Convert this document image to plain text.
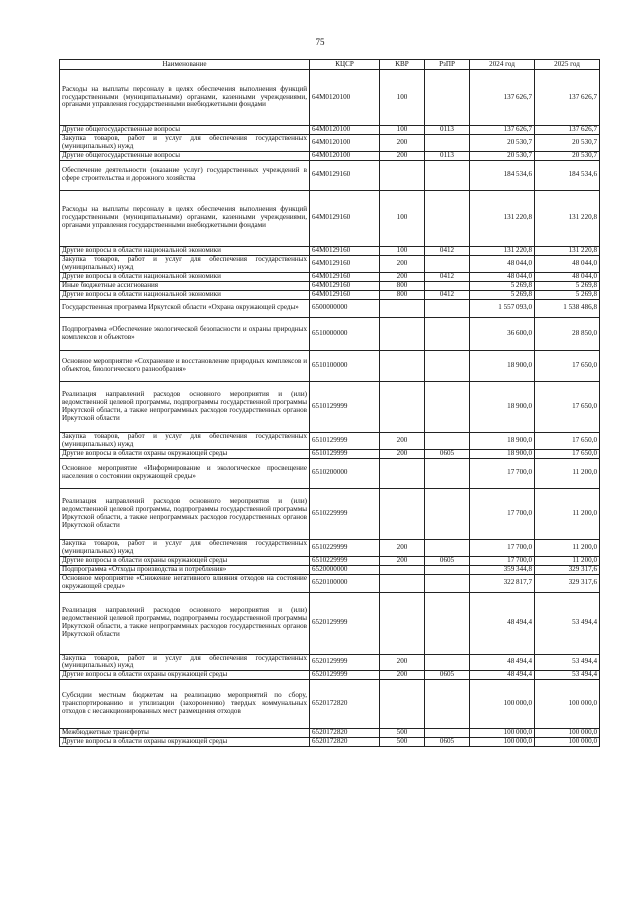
75
Наименование	КЦСР	КВР	РзПР	2024 год	2025 год
Расходы на выплаты персоналу в целях обеспечения выполнения функций государственными (муниципальными) органами, казенными учреждениями, органами управления государственными внебюджетными фондами	64М0120100	100		137 626,7	137 626,7
Другие общегосударственные вопросы	64М0120100	100	0113	137 626,7	137 626,7
Закупка товаров, работ и услуг для обеспечения государственных (муниципальных) нужд	64М0120100	200		20 530,7	20 530,7
Другие общегосударственные вопросы	64М0120100	200	0113	20 530,7	20 530,7
Обеспечение деятельности (оказание услуг) государственных учреждений в сфере строительства и дорожного хозяйства	64М0129160			184 534,6	184 534,6
Расходы на выплаты персоналу в целях обеспечения выполнения функций государственными (муниципальными) органами, казенными учреждениями, органами управления государственными внебюджетными фондами	64М0129160	100		131 220,8	131 220,8
Другие вопросы в области национальной экономики	64М0129160	100	0412	131 220,8	131 220,8
Закупка товаров, работ и услуг для обеспечения государственных (муниципальных) нужд	64М0129160	200		48 044,0	48 044,0
Другие вопросы в области национальной экономики	64М0129160	200	0412	48 044,0	48 044,0
Иные бюджетные ассигнования	64М0129160	800		5 269,8	5 269,8
Другие вопросы в области национальной экономики	64М0129160	800	0412	5 269,8	5 269,8
Государственная программа Иркутской области «Охрана окружающей среды»	6500000000			1 557 093,0	1 538 486,8
Подпрограмма «Обеспечение экологической безопасности и охраны природных комплексов и объектов»	6510000000			36 600,0	28 850,0
Основное мероприятие «Сохранение и восстановление природных комплексов и объектов, биологического разнообразия»	6510100000			18 900,0	17 650,0
Реализация направлений расходов основного мероприятия и (или) ведомственной целевой программы, подпрограммы государственной программы Иркутской области, а также непрограммных расходов государственных органов Иркутской области	6510129999			18 900,0	17 650,0
Закупка товаров, работ и услуг для обеспечения государственных (муниципальных) нужд	6510129999	200		18 900,0	17 650,0
Другие вопросы в области охраны окружающей среды	6510129999	200	0605	18 900,0	17 650,0
Основное мероприятие «Информирование и экологическое просвещение населения о состоянии окружающей среды»	6510200000			17 700,0	11 200,0
Реализация направлений расходов основного мероприятия и (или) ведомственной целевой программы, подпрограммы государственной программы Иркутской области, а также непрограммных расходов государственных органов Иркутской области	6510229999			17 700,0	11 200,0
Закупка товаров, работ и услуг для обеспечения государственных (муниципальных) нужд	6510229999	200		17 700,0	11 200,0
Другие вопросы в области охраны окружающей среды	6510229999	200	0605	17 700,0	11 200,0
Подпрограмма «Отходы производства и потребления»	6520000000			359 344,8	329 317,6
Основное мероприятие «Снижение негативного влияния отходов на состояние окружающей среды»	6520100000			322 817,7	329 317,6
Реализация направлений расходов основного мероприятия и (или) ведомственной целевой программы, подпрограммы государственной программы Иркутской области, а также непрограммных расходов государственных органов Иркутской области	6520129999			48 494,4	53 494,4
Закупка товаров, работ и услуг для обеспечения государственных (муниципальных) нужд	6520129999	200		48 494,4	53 494,4
Другие вопросы в области охраны окружающей среды	6520129999	200	0605	48 494,4	53 494,4
Субсидии местным бюджетам на реализацию мероприятий по сбору, транспортированию и утилизации (захоронению) твердых коммунальных отходов с несанкционированных мест размещения отходов	6520172820			100 000,0	100 000,0
Межбюджетные трансферты	6520172820	500		100 000,0	100 000,0
Другие вопросы в области охраны окружающей среды	6520172820	500	0605	100 000,0	100 000,0
